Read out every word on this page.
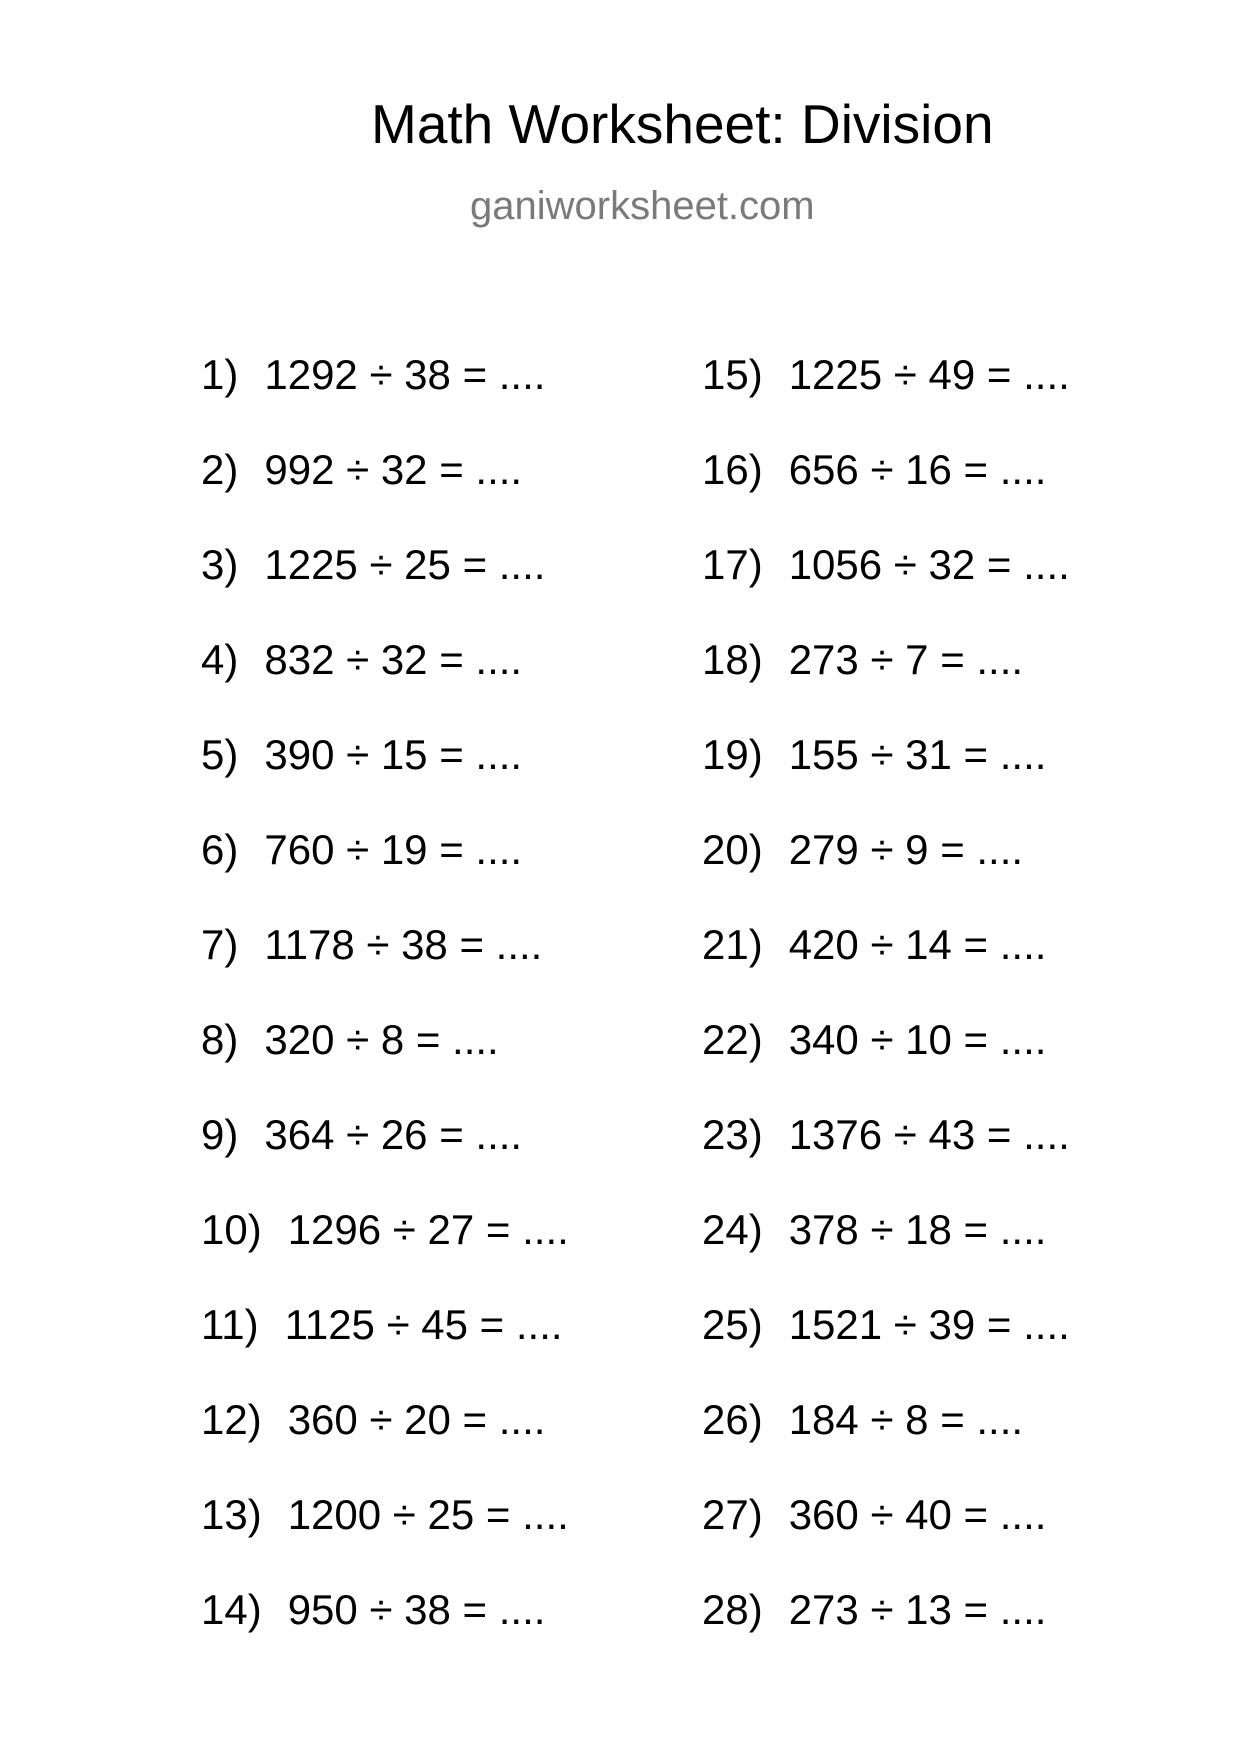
Math Worksheet: Division
ganiworksheet.com
1) 1292 ÷ 38 = ....
2) 992 ÷ 32 = ....
3) 1225 ÷ 25 = ....
4) 832 ÷ 32 = ....
5) 390 ÷ 15 = ....
6) 760 ÷ 19 = ....
7) 1178 ÷ 38 = ....
8) 320 ÷ 8 = ....
9) 364 ÷ 26 = ....
10) 1296 ÷ 27 = ....
11) 1125 ÷ 45 = ....
12) 360 ÷ 20 = ....
13) 1200 ÷ 25 = ....
14) 950 ÷ 38 = ....
15) 1225 ÷ 49 = ....
16) 656 ÷ 16 = ....
17) 1056 ÷ 32 = ....
18) 273 ÷ 7 = ....
19) 155 ÷ 31 = ....
20) 279 ÷ 9 = ....
21) 420 ÷ 14 = ....
22) 340 ÷ 10 = ....
23) 1376 ÷ 43 = ....
24) 378 ÷ 18 = ....
25) 1521 ÷ 39 = ....
26) 184 ÷ 8 = ....
27) 360 ÷ 40 = ....
28) 273 ÷ 13 = ....
